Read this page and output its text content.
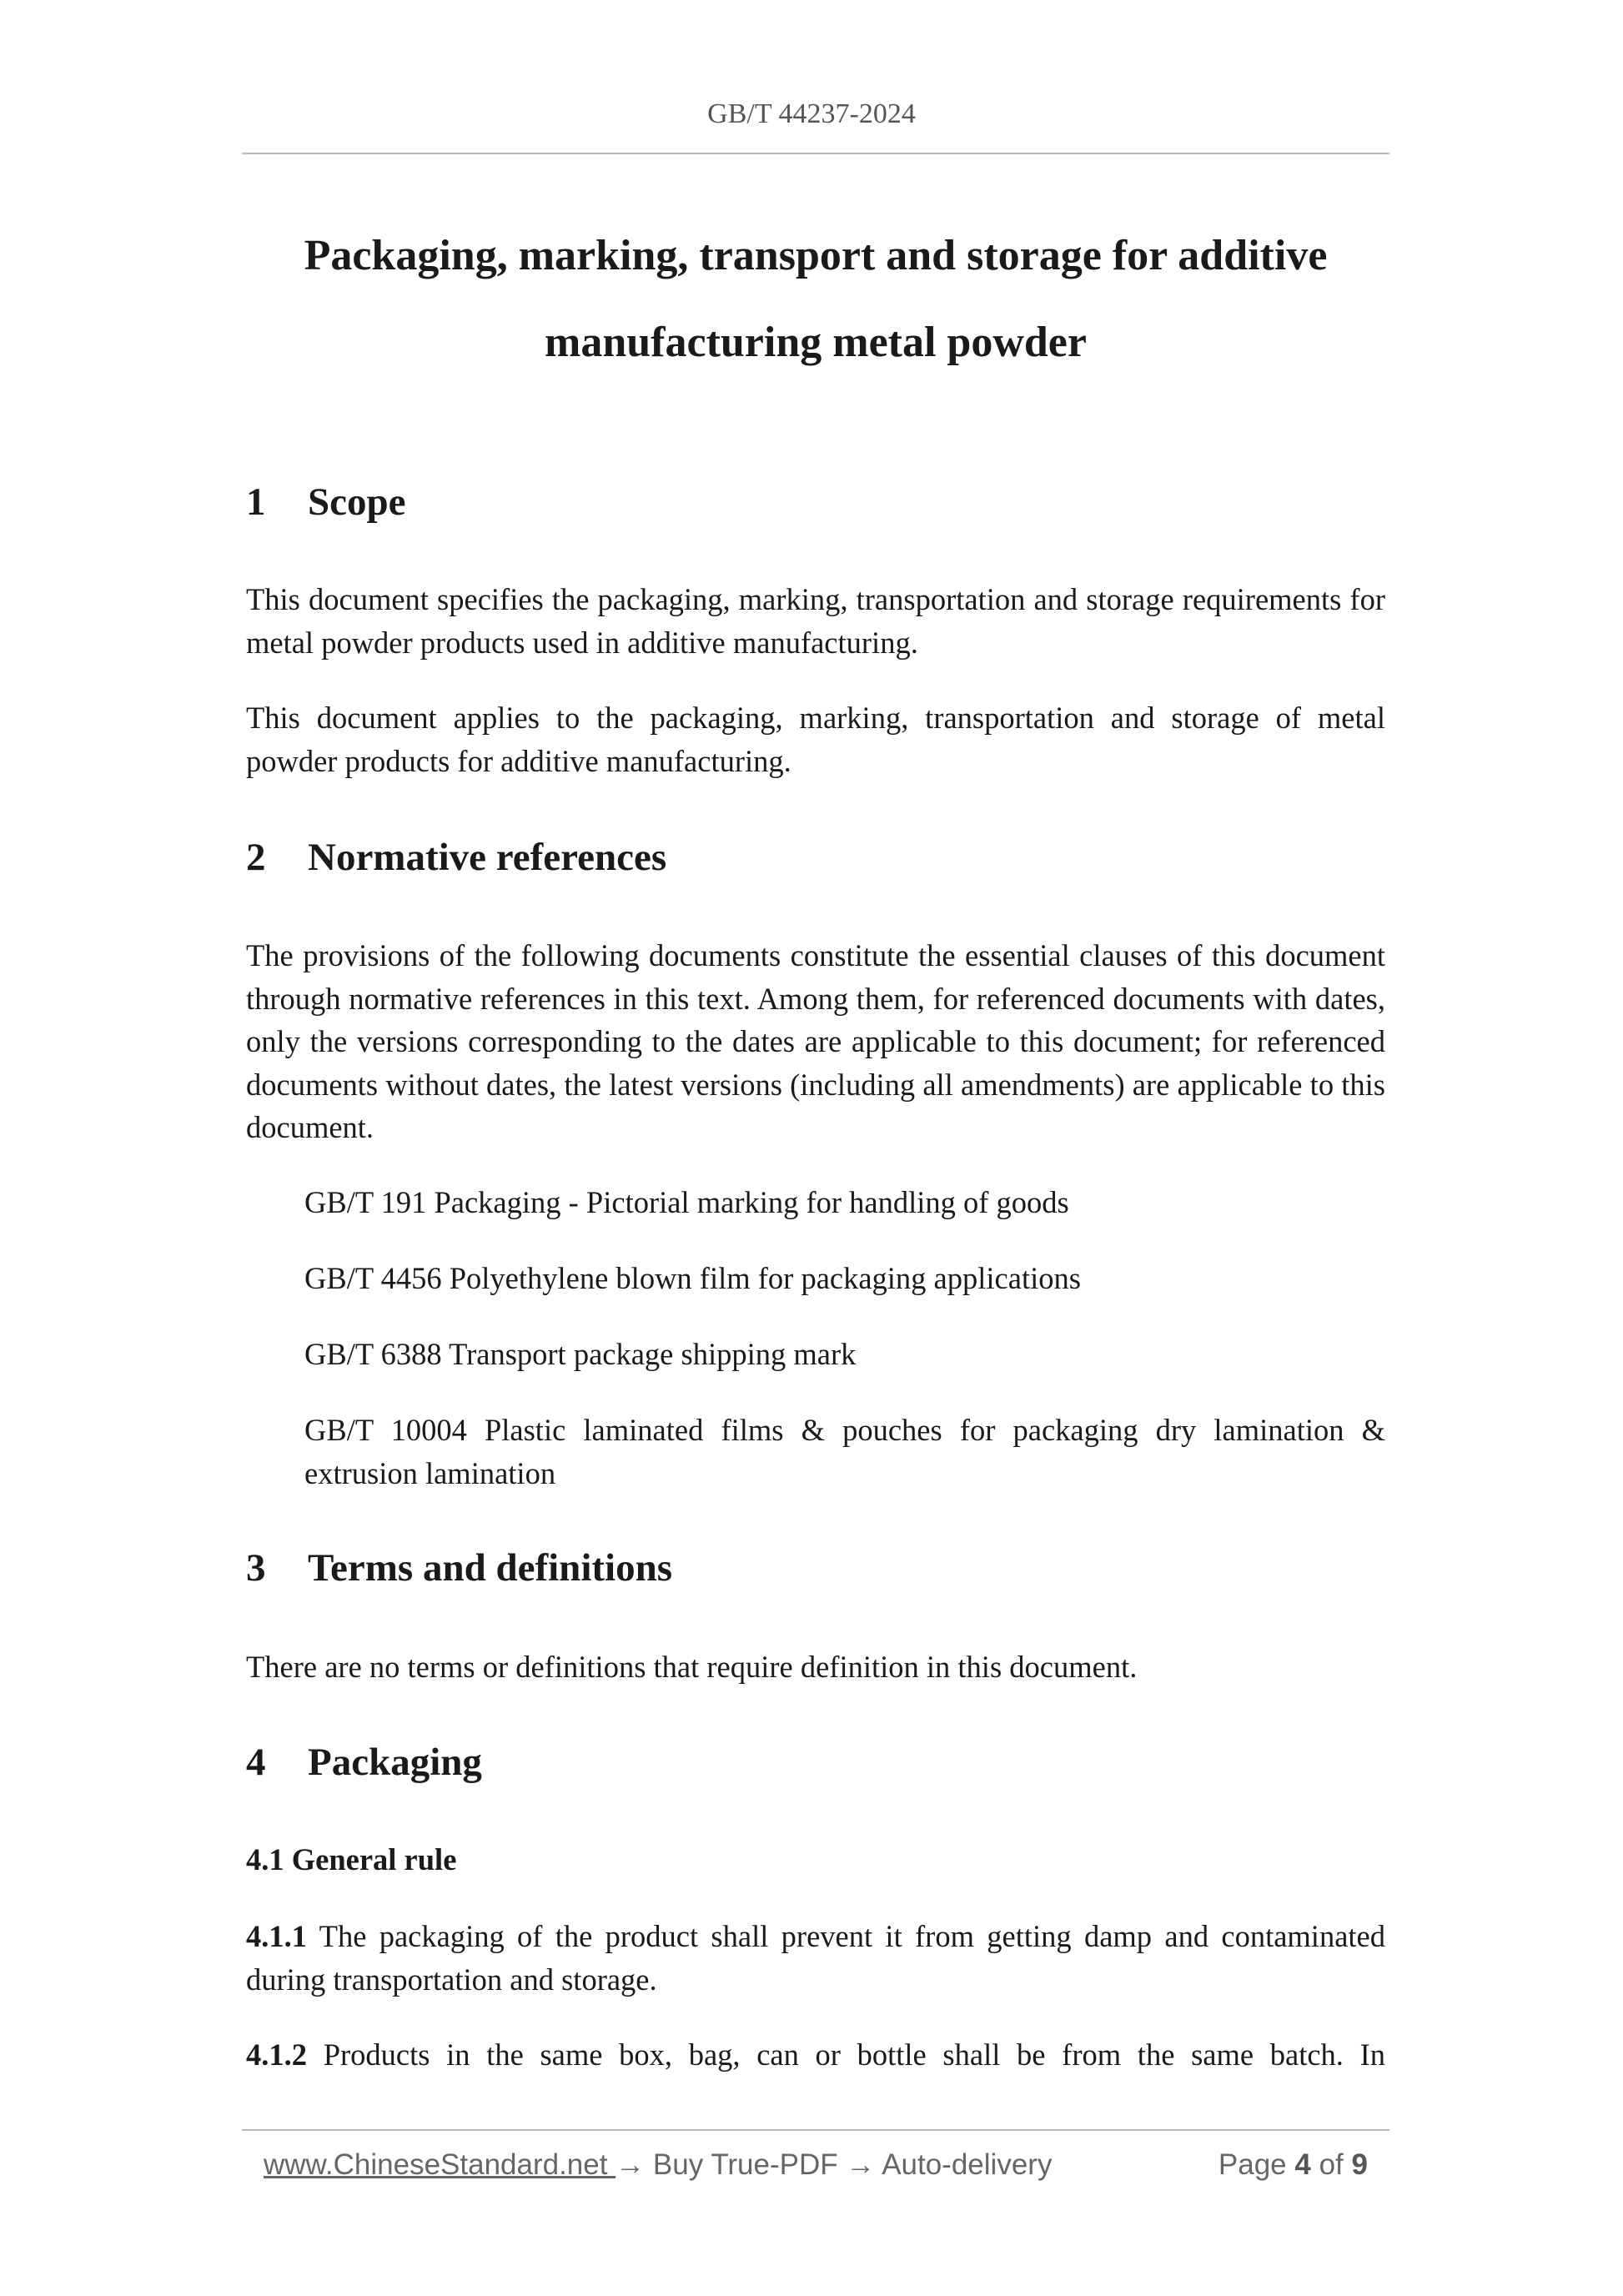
GB/T 44237-2024
Packaging, marking, transport and storage for additive
manufacturing metal powder
1 Scope

This document specifies the packaging, marking, transportation and storage requirements for metal powder products used in additive manufacturing.

This document applies to the packaging, marking, transportation and storage of metal powder products for additive manufacturing.

2 Normative references

The provisions of the following documents constitute the essential clauses of this document through normative references in this text. Among them, for referenced documents with dates, only the versions corresponding to the dates are applicable to this document; for referenced documents without dates, the latest versions (including all amendments) are applicable to this document.

GB/T 191 Packaging - Pictorial marking for handling of goods

GB/T 4456 Polyethylene blown film for packaging applications

GB/T 6388 Transport package shipping mark

GB/T 10004 Plastic laminated films & pouches for packaging dry lamination & extrusion lamination

3 Terms and definitions

There are no terms or definitions that require definition in this document.

4 Packaging

4.1 General rule

4.1.1 The packaging of the product shall prevent it from getting damp and contaminated during transportation and storage.

4.1.2 Products in the same box, bag, can or bottle shall be from the same batch. In

www.ChineseStandard.net → Buy True-PDF → Auto-delivery	Page 4 of 9
